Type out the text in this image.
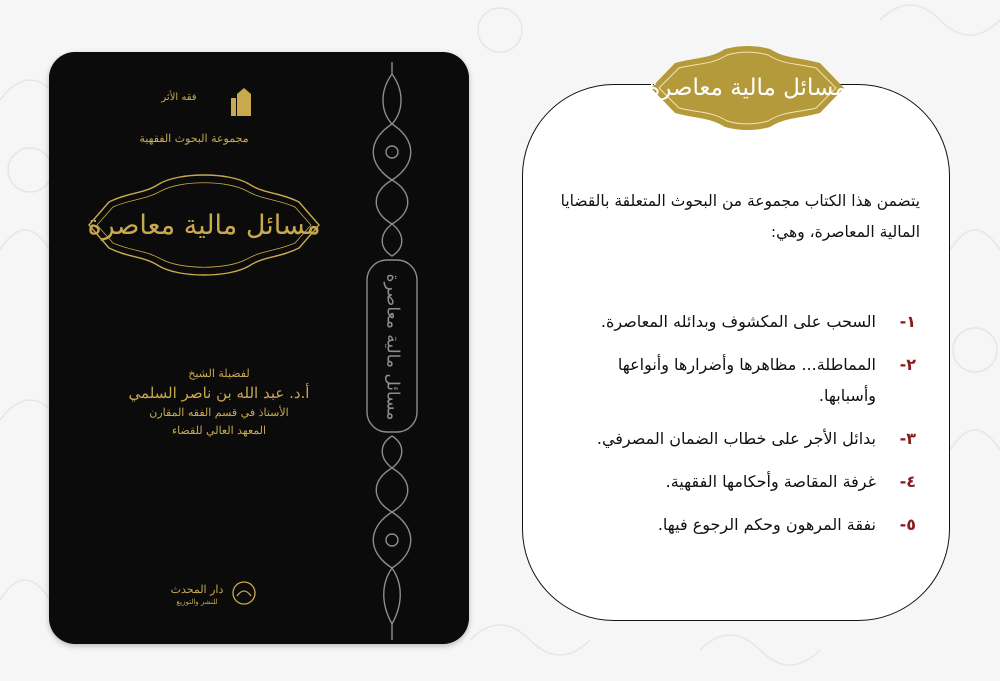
فقه الأثر
مجموعة البحوث الفقهية
مسائل مالية معاصرة
لفضيلة الشيخ
أ.د. عبد الله بن ناصر السلمي
الأستاذ في قسم الفقه المقارن
المعهد العالي للقضاء
مسائل مالية معاصرة
دار المحدث
للنشر والتوزيع
مسائل مالية معاصرة
يتضمن هذا الكتاب مجموعة من البحوث المتعلقة بالقضايا المالية المعاصرة، وهي:
١-
السحب على المكشوف وبدائله المعاصرة.
٢-
المماطلة... مظاهرها وأضرارها وأنواعها وأسبابها.
٣-
بدائل الأجر على خطاب الضمان المصرفي.
٤-
غرفة المقاصة وأحكامها الفقهية.
٥-
نفقة المرهون وحكم الرجوع فيها.
